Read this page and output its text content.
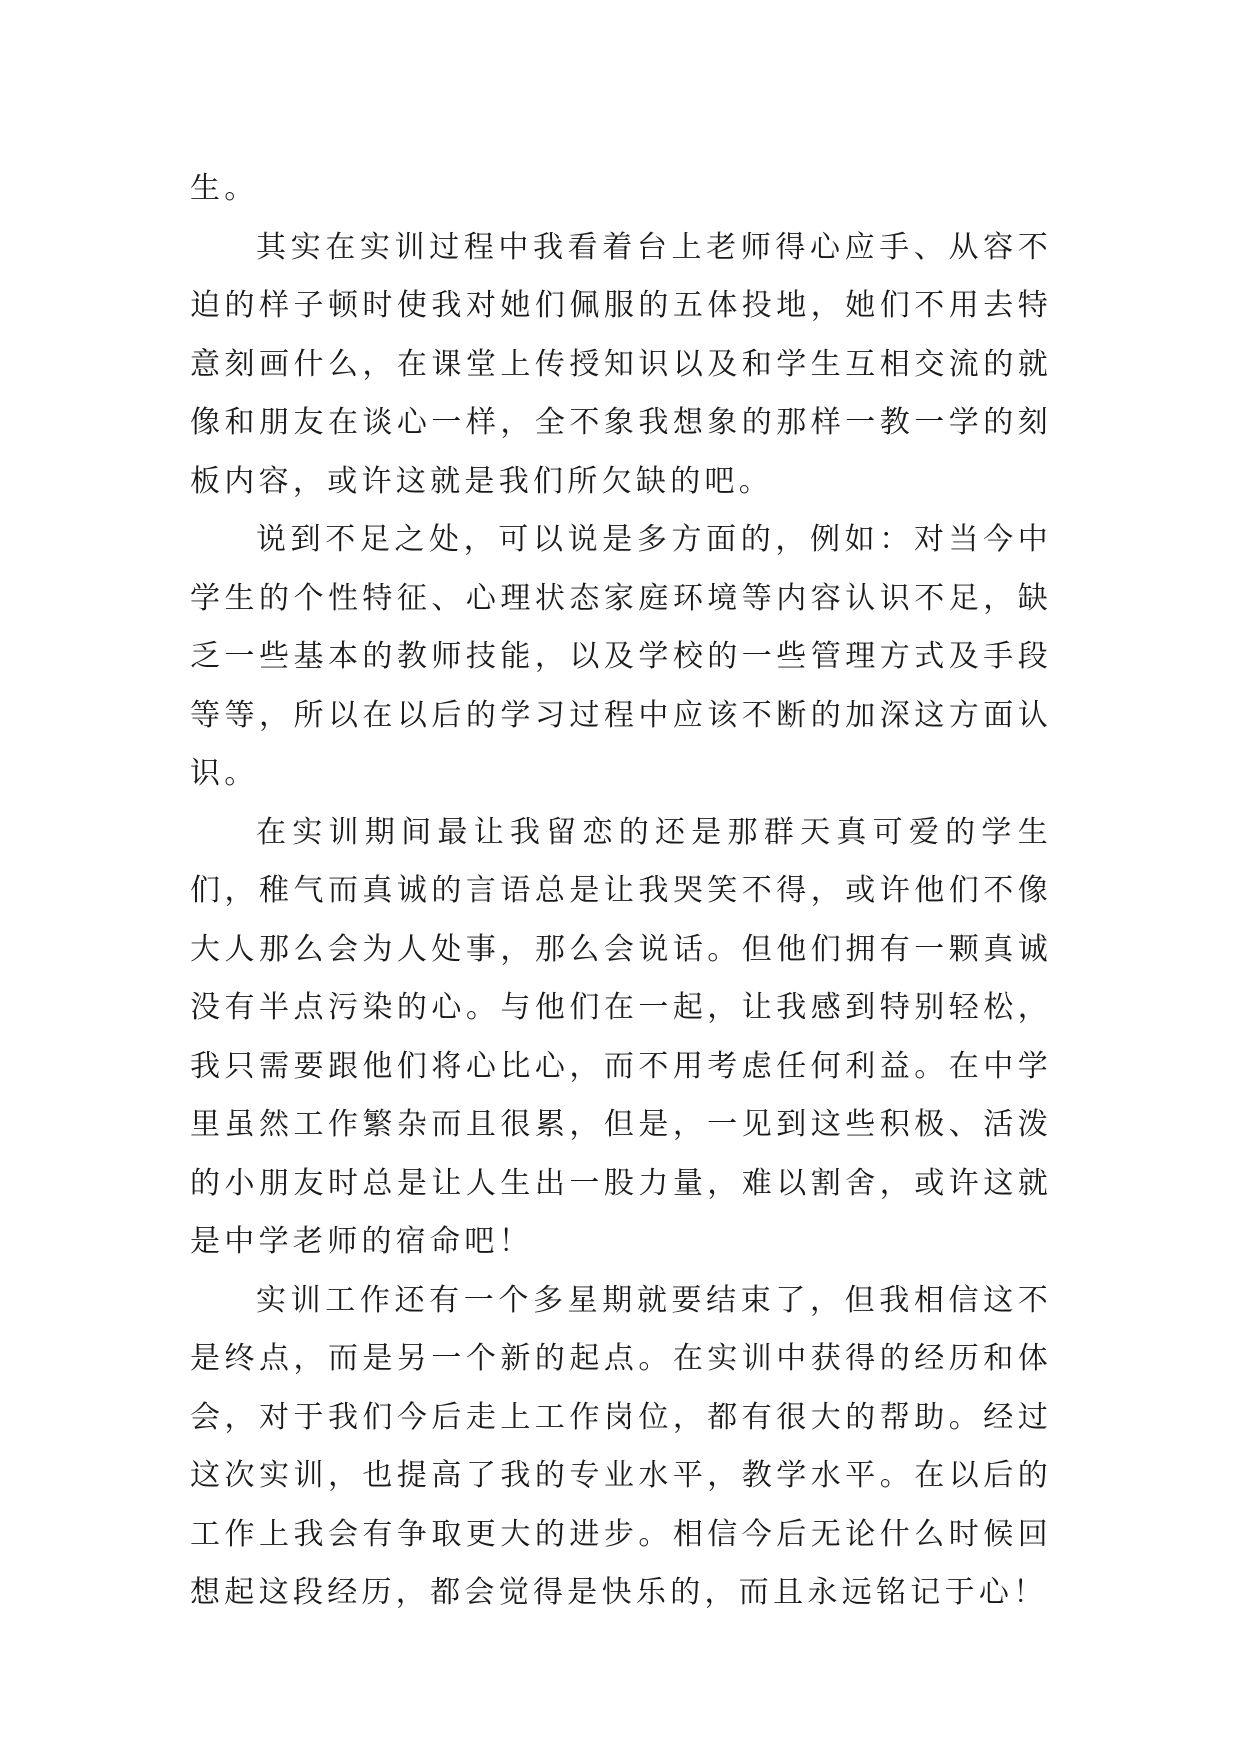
生。

其实在实训过程中我看着台上老师得心应手、从容不迫的样子顿时使我对她们佩服的五体投地，她们不用去特意刻画什么，在课堂上传授知识以及和学生互相交流的就像和朋友在谈心一样，全不象我想象的那样一教一学的刻板内容，或许这就是我们所欠缺的吧。

说到不足之处，可以说是多方面的，例如：对当今中学生的个性特征、心理状态家庭环境等内容认识不足，缺乏一些基本的教师技能，以及学校的一些管理方式及手段等等，所以在以后的学习过程中应该不断的加深这方面认识。

在实训期间最让我留恋的还是那群天真可爱的学生们，稚气而真诚的言语总是让我哭笑不得，或许他们不像大人那么会为人处事，那么会说话。但他们拥有一颗真诚没有半点污染的心。与他们在一起，让我感到特别轻松，我只需要跟他们将心比心，而不用考虑任何利益。在中学里虽然工作繁杂而且很累，但是，一见到这些积极、活泼的小朋友时总是让人生出一股力量，难以割舍，或许这就是中学老师的宿命吧！

实训工作还有一个多星期就要结束了，但我相信这不是终点，而是另一个新的起点。在实训中获得的经历和体会，对于我们今后走上工作岗位，都有很大的帮助。经过这次实训，也提高了我的专业水平，教学水平。在以后的工作上我会有争取更大的进步。相信今后无论什么时候回想起这段经历，都会觉得是快乐的，而且永远铭记于心！
